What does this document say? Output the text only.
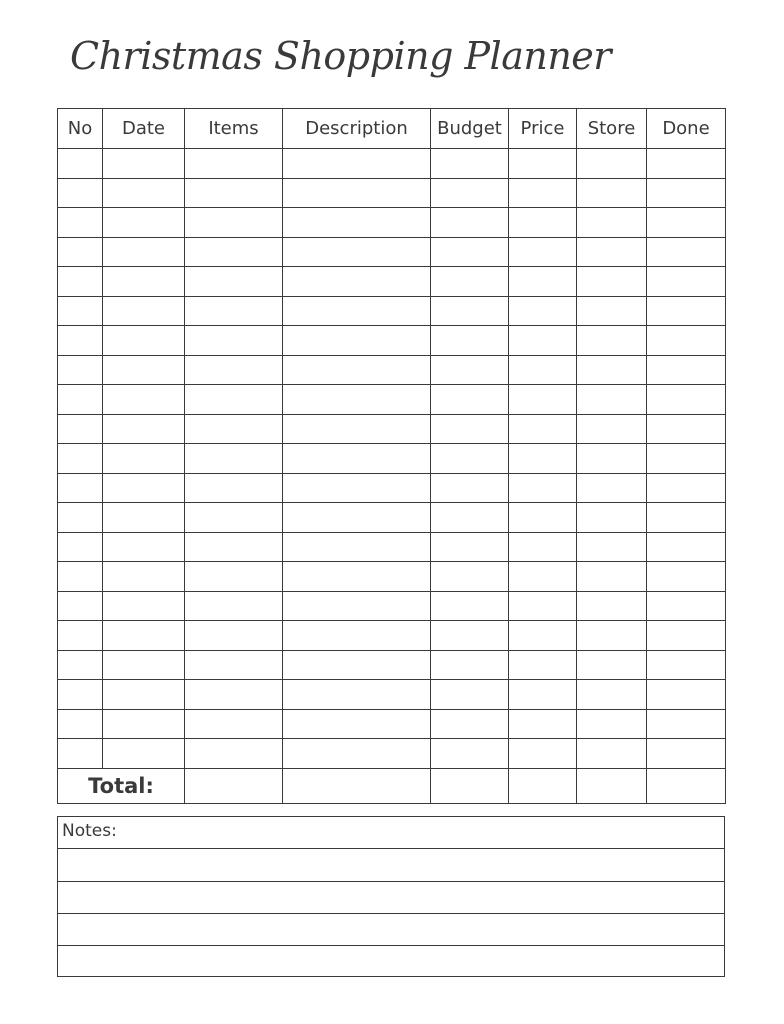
Christmas Shopping Planner
No	Date	Items	Description	Budget	Price	Store	Done

Total:							
Notes:
